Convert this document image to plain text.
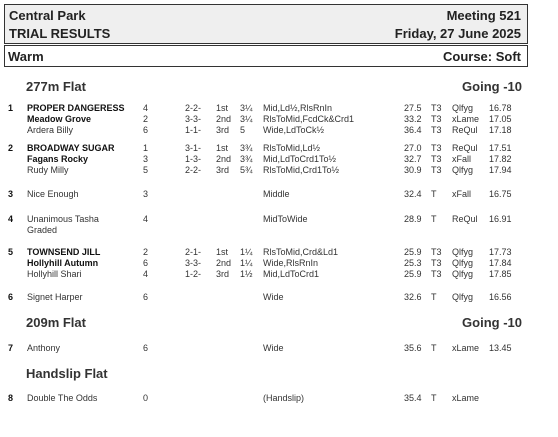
Central Park	Meeting 521
TRIAL RESULTS	Friday, 27 June 2025
Warm	Course: Soft
277m Flat	Going -10
1 PROPER DANGERESS 4	2-2- 1st 3¼ Mid,Ld½,RlsRnIn	27.5 T3 Qlfyg 16.78
Meadow Grove	2	3-3- 2nd 3¼ RlsToMid,FcdCk&Crd1	33.2 T3 xLame 17.05
Ardera Billy	6	1-1- 3rd 5 Wide,LdToCk½	36.4 T3 ReQul 17.18
2 BROADWAY SUGAR	1	3-1- 1st 3¾ RlsToMid,Ld½	27.0 T3 ReQul 17.51
Fagans Rocky	3	1-3- 2nd 3¾ Mid,LdToCrd1To½	32.7 T3 xFall 17.82
Rudy Milly	5	2-2- 3rd 5¾ RlsToMid,Crd1To½	30.9 T3 Qlfyg 17.94
3 Nice Enough	3	Middle	32.4 T xFall 16.75
4 Unanimous Tasha	4	MidToWide	28.9 T ReQul 16.91
Graded
5 TOWNSEND JILL	2	2-1- 1st 1¼ RlsToMid,Crd&Ld1	25.9 T3 Qlfyg 17.73
Hollyhill Autumn	6	3-3- 2nd 1¼ Wide,RlsRnIn	25.3 T3 Qlfyg 17.84
Hollyhill Shari	4	1-2- 3rd 1½ Mid,LdToCrd1	25.9 T3 Qlfyg 17.85
6 Signet Harper	6	Wide	32.6 T Qlfyg 16.56
209m Flat	Going -10
7 Anthony	6	Wide	35.6 T xLame 13.45
Handslip Flat
8 Double The Odds	0	(Handslip)	35.4 T xLame
